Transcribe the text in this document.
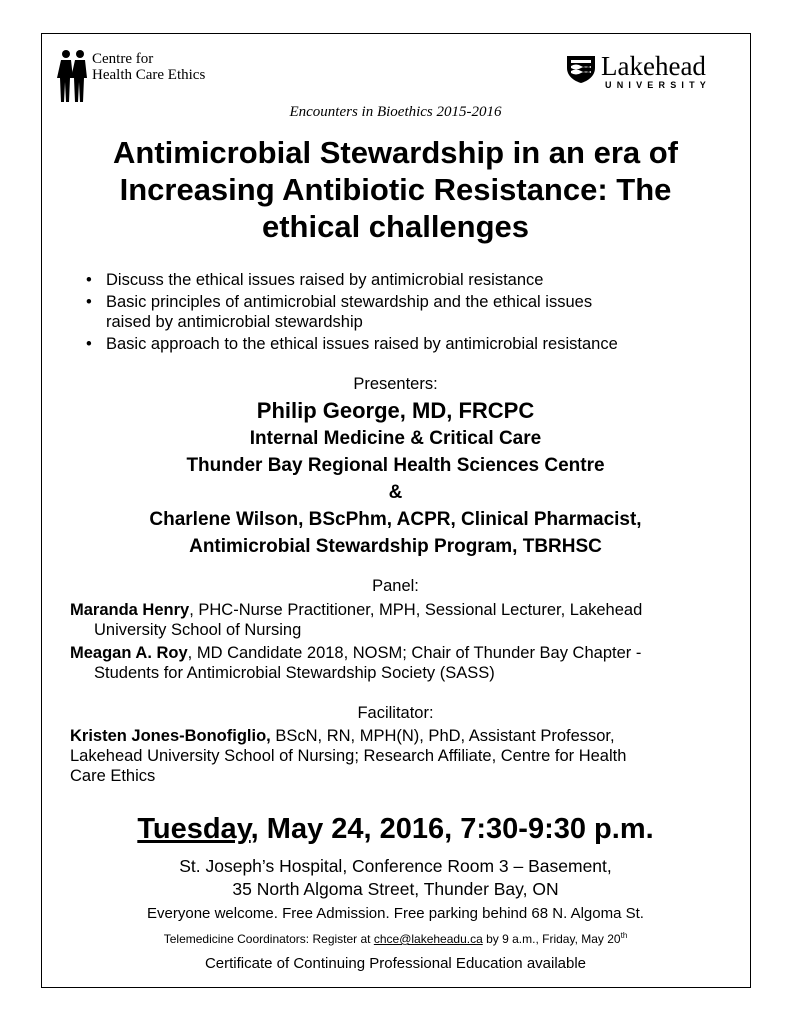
Centre for
Health Care Ethics	Lakehead
UNIVERSITY
Encounters in Bioethics 2015-2016
Antimicrobial Stewardship in an era of
Increasing Antibiotic Resistance: The
ethical challenges
• Discuss the ethical issues raised by antimicrobial resistance
• Basic principles of antimicrobial stewardship and the ethical issues
raised by antimicrobial stewardship
• Basic approach to the ethical issues raised by antimicrobial resistance
Presenters:
Philip George, MD, FRCPC
Internal Medicine & Critical Care
Thunder Bay Regional Health Sciences Centre
&
Charlene Wilson, BScPhm, ACPR, Clinical Pharmacist,
Antimicrobial Stewardship Program, TBRHSC
Panel:
Maranda Henry, PHC-Nurse Practitioner, MPH, Sessional Lecturer, Lakehead
University School of Nursing
Meagan A. Roy, MD Candidate 2018, NOSM; Chair of Thunder Bay Chapter -
Students for Antimicrobial Stewardship Society (SASS)
Facilitator:
Kristen Jones-Bonofiglio, BScN, RN, MPH(N), PhD, Assistant Professor,
Lakehead University School of Nursing; Research Affiliate, Centre for Health
Care Ethics
Tuesday, May 24, 2016, 7:30-9:30 p.m.
St. Joseph’s Hospital, Conference Room 3 – Basement,
35 North Algoma Street, Thunder Bay, ON
Everyone welcome. Free Admission. Free parking behind 68 N. Algoma St.
Telemedicine Coordinators: Register at chce@lakeheadu.ca by 9 a.m., Friday, May 20th
Certificate of Continuing Professional Education available
